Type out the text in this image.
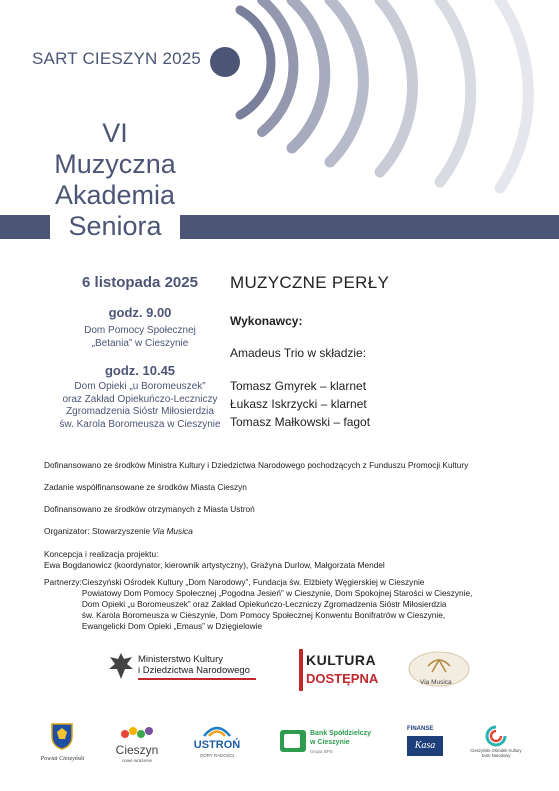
SART CIESZYN 2025
VI
Muzyczna
Akademia
Seniora
6 listopada 2025
godz. 9.00
Dom Pomocy Społecznej
„Betania” w Cieszynie
godz. 10.45
Dom Opieki „u Boromeuszek”
oraz Zakład Opiekuńczo-Leczniczy
Zgromadzenia Sióstr Miłosierdzia
św. Karola Boromeusza w Cieszynie
MUZYCZNE PERŁY
Wykonawcy:
Amadeus Trio w składzie:
Tomasz Gmyrek – klarnet
Łukasz Iskrzycki – klarnet
Tomasz Małkowski – fagot
Dofinansowano ze środków Ministra Kultury i Dziedzictwa Narodowego pochodzących z Funduszu Promocji Kultury
Zadanie współfinansowane ze środków Miasta Cieszyn
Dofinansowano ze środków otrzymanych z Miasta Ustroń
Organizator: Stowarzyszenie Via Musica
Koncepcja i realizacja projektu:
Ewa Bogdanowicz (koordynator, kierownik artystyczny), Grażyna Durlow, Małgorzata Mendel
Partnerzy: Cieszyński Ośrodek Kultury „Dom Narodowy”, Fundacja św. Elżbiety Węgierskiej w Cieszynie
Powiatowy Dom Pomocy Społecznej „Pogodna Jesień” w Cieszynie, Dom Spokojnej Starości w Cieszynie,
Dom Opieki „u Boromeuszek” oraz Zakład Opiekuńczo-Leczniczy Zgromadzenia Sióstr Miłosierdzia
św. Karola Boromeusza w Cieszynie, Dom Pomocy Społecznej Konwentu Bonifratrów w Cieszynie,
Ewangelicki Dom Opieki „Emaus” w Dzięgielowie
Ministerstwo Kultury
i Dziedzictwa Narodowego
KULTURA
DOSTĘPNA	Via Musica
Powiat Cieszyński
Cieszyn
nowe wrażenie
USTROŃ
GÓRY RADOŚCI
Bank Spółdzielczy
w Cieszynie
Grupa BPS
FINANSE
Kasa	Cieszyński Ośrodek Kultury
Dom Narodowy
